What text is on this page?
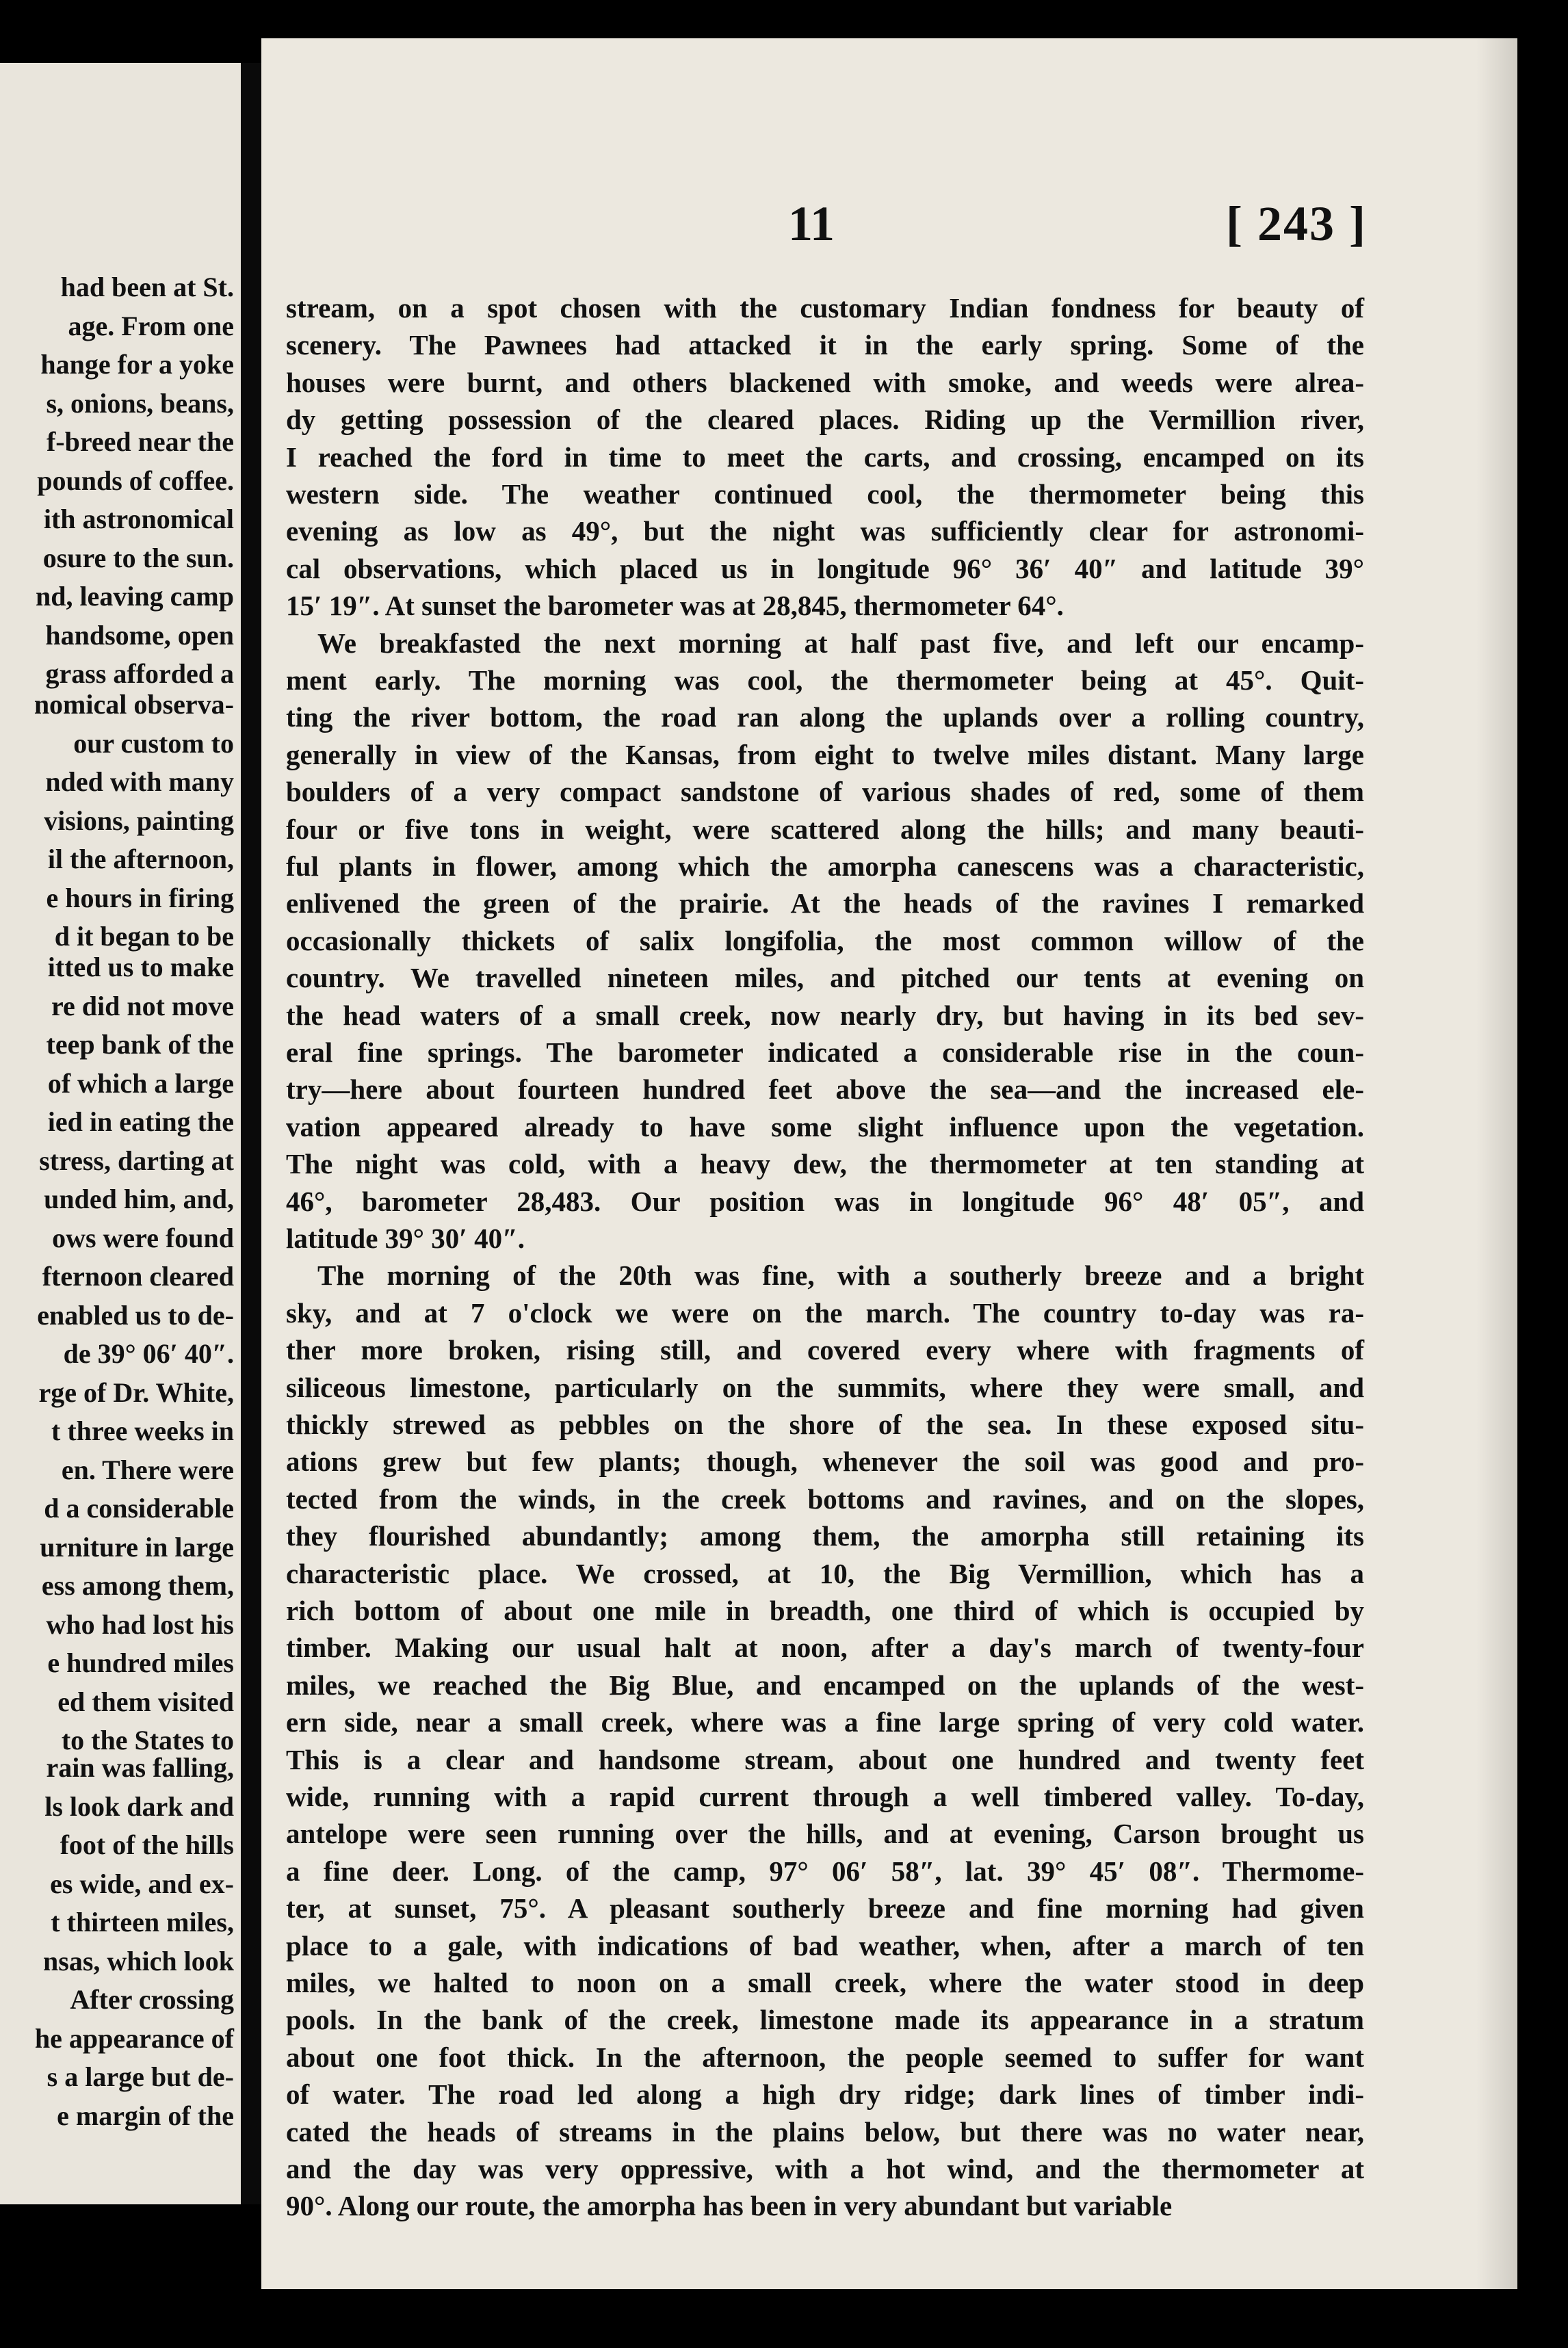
had been at St.
age. From one
hange for a yoke
s, onions, beans,
f-breed near the
pounds of coffee.
ith astronomical
osure to the sun.
nd, leaving camp
handsome, open
grass afforded a
nomical observa-
our custom to
nded with many
visions, painting
il the afternoon,
e hours in firing
d it began to be
itted us to make
re did not move
teep bank of the
of which a large
ied in eating the
stress, darting at
unded him, and,
ows were found
fternoon cleared
enabled us to de-
de 39° 06′ 40″.
rge of Dr. White,
t three weeks in
en. There were
d a considerable
urniture in large
ess among them,
who had lost his
e hundred miles
ed them visited
to the States to
rain was falling,
ls look dark and
foot of the hills
es wide, and ex-
t thirteen miles,
nsas, which look
After crossing
he appearance of
s a large but de-
e margin of the
11	[ 243 ]
stream, on a spot chosen with the customary Indian fondness for beauty of
scenery. The Pawnees had attacked it in the early spring. Some of the
houses were burnt, and others blackened with smoke, and weeds were alrea-
dy getting possession of the cleared places. Riding up the Vermillion river,
I reached the ford in time to meet the carts, and crossing, encamped on its
western side. The weather continued cool, the thermometer being this
evening as low as 49°, but the night was sufficiently clear for astronomi-
cal observations, which placed us in longitude 96° 36′ 40″ and latitude 39°
15′ 19″. At sunset the barometer was at 28,845, thermometer 64°.
We breakfasted the next morning at half past five, and left our encamp-
ment early. The morning was cool, the thermometer being at 45°. Quit-
ting the river bottom, the road ran along the uplands over a rolling country,
generally in view of the Kansas, from eight to twelve miles distant. Many large
boulders of a very compact sandstone of various shades of red, some of them
four or five tons in weight, were scattered along the hills; and many beauti-
ful plants in flower, among which the amorpha canescens was a characteristic,
enlivened the green of the prairie. At the heads of the ravines I remarked
occasionally thickets of salix longifolia, the most common willow of the
country. We travelled nineteen miles, and pitched our tents at evening on
the head waters of a small creek, now nearly dry, but having in its bed sev-
eral fine springs. The barometer indicated a considerable rise in the coun-
try—here about fourteen hundred feet above the sea—and the increased ele-
vation appeared already to have some slight influence upon the vegetation.
The night was cold, with a heavy dew, the thermometer at ten standing at
46°, barometer 28,483. Our position was in longitude 96° 48′ 05″, and
latitude 39° 30′ 40″.
The morning of the 20th was fine, with a southerly breeze and a bright
sky, and at 7 o'clock we were on the march. The country to-day was ra-
ther more broken, rising still, and covered every where with fragments of
siliceous limestone, particularly on the summits, where they were small, and
thickly strewed as pebbles on the shore of the sea. In these exposed situ-
ations grew but few plants; though, whenever the soil was good and pro-
tected from the winds, in the creek bottoms and ravines, and on the slopes,
they flourished abundantly; among them, the amorpha still retaining its
characteristic place. We crossed, at 10, the Big Vermillion, which has a
rich bottom of about one mile in breadth, one third of which is occupied by
timber. Making our usual halt at noon, after a day's march of twenty-four
miles, we reached the Big Blue, and encamped on the uplands of the west-
ern side, near a small creek, where was a fine large spring of very cold water.
This is a clear and handsome stream, about one hundred and twenty feet
wide, running with a rapid current through a well timbered valley. To-day,
antelope were seen running over the hills, and at evening, Carson brought us
a fine deer. Long. of the camp, 97° 06′ 58″, lat. 39° 45′ 08″. Thermome-
ter, at sunset, 75°. A pleasant southerly breeze and fine morning had given
place to a gale, with indications of bad weather, when, after a march of ten
miles, we halted to noon on a small creek, where the water stood in deep
pools. In the bank of the creek, limestone made its appearance in a stratum
about one foot thick. In the afternoon, the people seemed to suffer for want
of water. The road led along a high dry ridge; dark lines of timber indi-
cated the heads of streams in the plains below, but there was no water near,
and the day was very oppressive, with a hot wind, and the thermometer at
90°. Along our route, the amorpha has been in very abundant but variable
